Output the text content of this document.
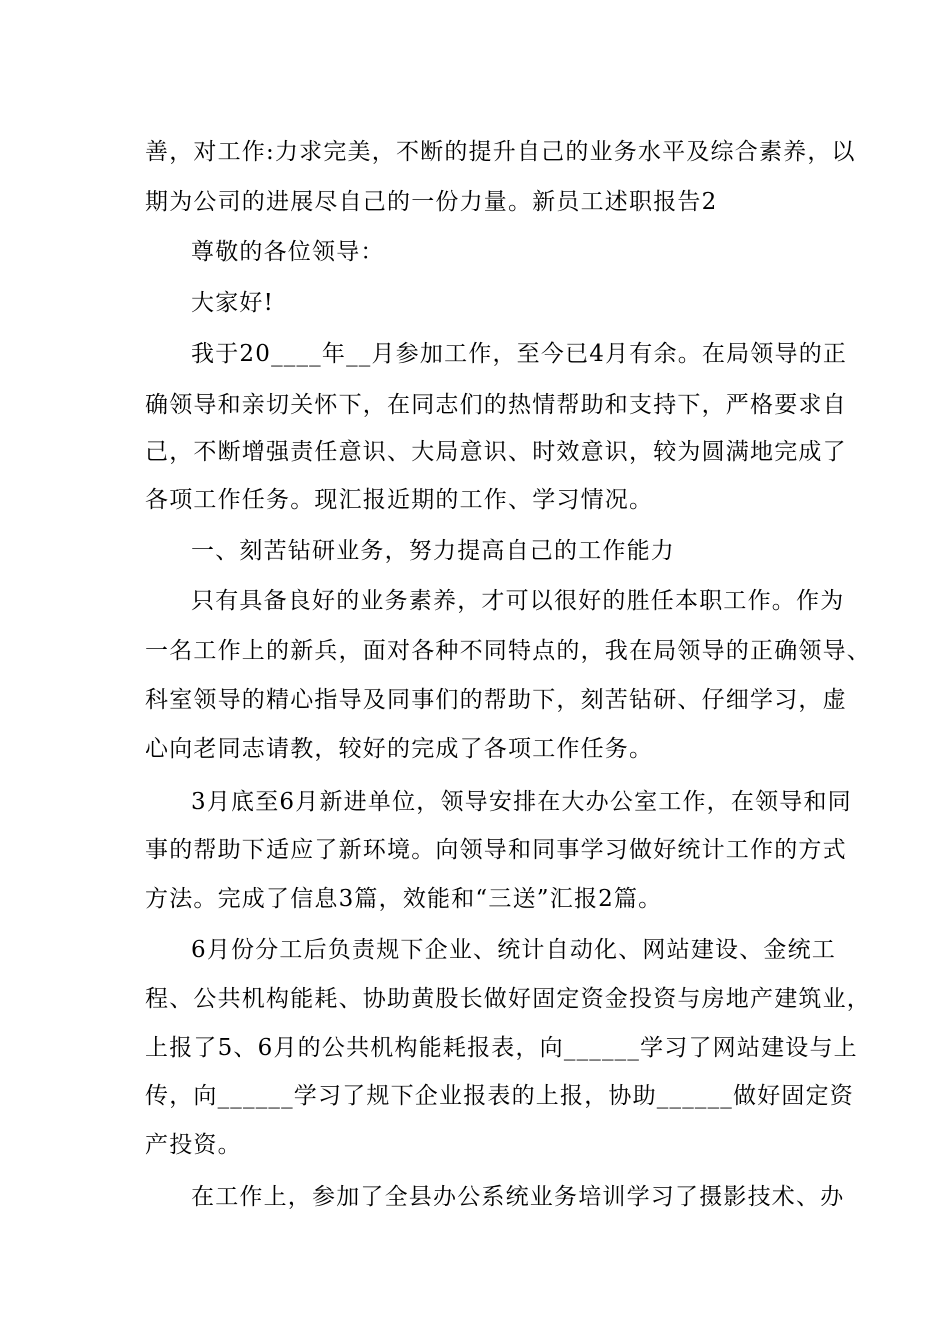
善，对工作:力求完美，不断的提升自己的业务水平及综合素养，以
期为公司的进展尽自己的一份力量。新员工述职报告2
尊敬的各位领导：
大家好!
我于20____年__月参加工作，至今已4月有余。在局领导的正
确领导和亲切关怀下，在同志们的热情帮助和支持下，严格要求自
己，不断增强责任意识、大局意识、时效意识，较为圆满地完成了
各项工作任务。现汇报近期的工作、学习情况。
一、刻苦钻研业务，努力提高自己的工作能力
只有具备良好的业务素养，才可以很好的胜任本职工作。作为
一名工作上的新兵，面对各种不同特点的，我在局领导的正确领导、
科室领导的精心指导及同事们的帮助下，刻苦钻研、仔细学习，虚
心向老同志请教，较好的完成了各项工作任务。
3月底至6月新进单位，领导安排在大办公室工作，在领导和同
事的帮助下适应了新环境。向领导和同事学习做好统计工作的方式
方法。完成了信息3篇，效能和“三送”汇报2篇。
6月份分工后负责规下企业、统计自动化、网站建设、金统工
程、公共机构能耗、协助黄股长做好固定资金投资与房地产建筑业，
上报了5、6月的公共机构能耗报表，向______学习了网站建设与上
传，向______学习了规下企业报表的上报，协助______做好固定资
产投资。
在工作上，参加了全县办公系统业务培训学习了摄影技术、办
